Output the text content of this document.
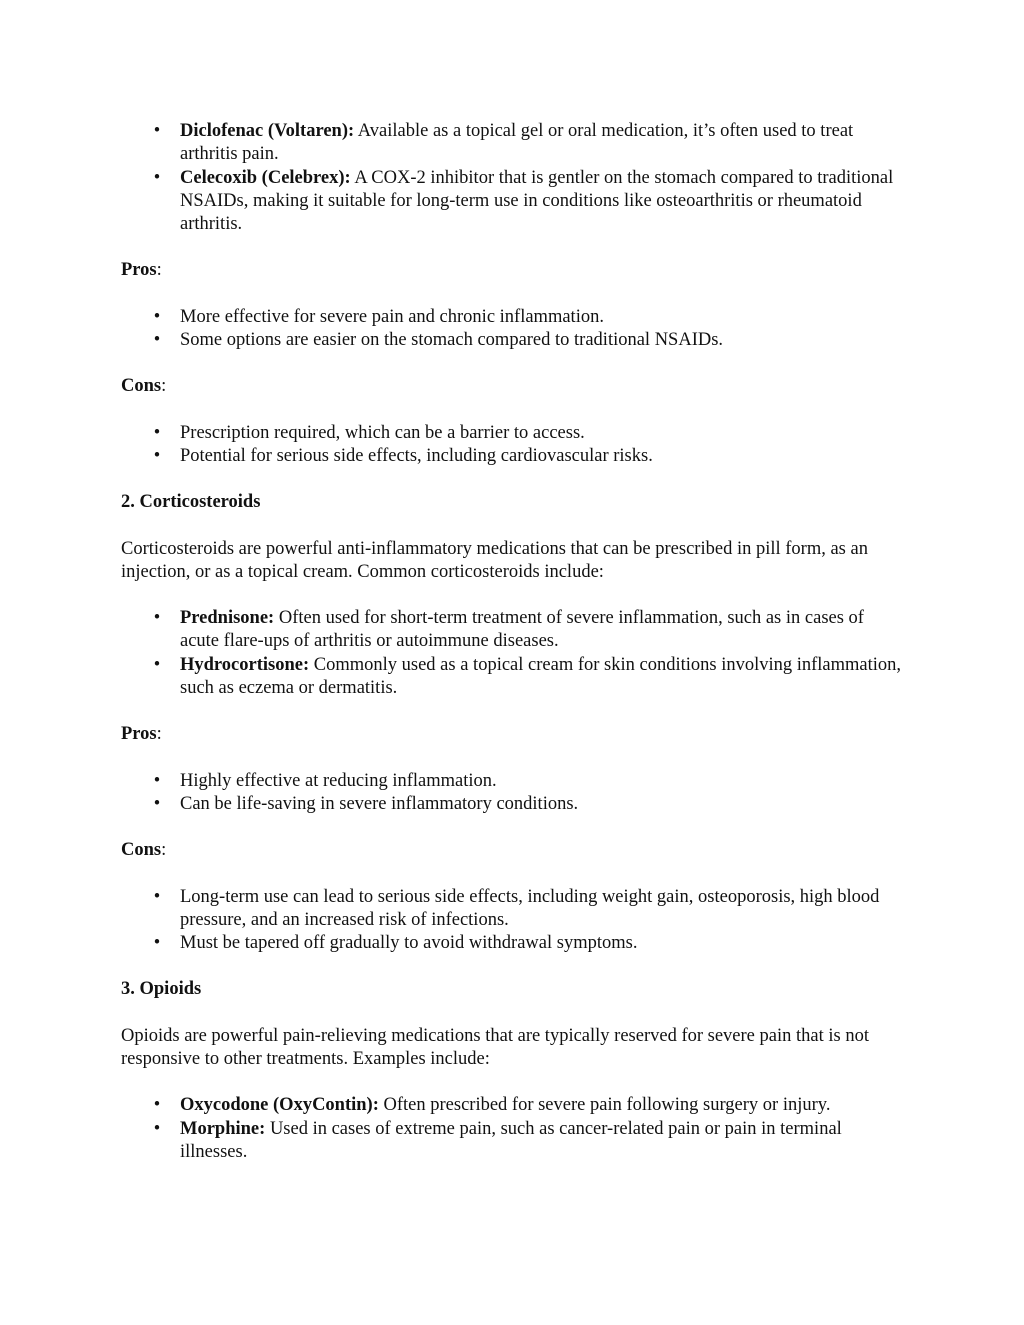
• Diclofenac (Voltaren): Available as a topical gel or oral medication, it’s often used to treat arthritis pain.
• Celecoxib (Celebrex): A COX-2 inhibitor that is gentler on the stomach compared to traditional NSAIDs, making it suitable for long-term use in conditions like osteoarthritis or rheumatoid arthritis.

Pros:

• More effective for severe pain and chronic inflammation.
• Some options are easier on the stomach compared to traditional NSAIDs.

Cons:

• Prescription required, which can be a barrier to access.
• Potential for serious side effects, including cardiovascular risks.

2. Corticosteroids

Corticosteroids are powerful anti-inflammatory medications that can be prescribed in pill form, as an injection, or as a topical cream. Common corticosteroids include:

• Prednisone: Often used for short-term treatment of severe inflammation, such as in cases of acute flare-ups of arthritis or autoimmune diseases.
• Hydrocortisone: Commonly used as a topical cream for skin conditions involving inflammation, such as eczema or dermatitis.

Pros:

• Highly effective at reducing inflammation.
• Can be life-saving in severe inflammatory conditions.

Cons:

• Long-term use can lead to serious side effects, including weight gain, osteoporosis, high blood pressure, and an increased risk of infections.
• Must be tapered off gradually to avoid withdrawal symptoms.

3. Opioids

Opioids are powerful pain-relieving medications that are typically reserved for severe pain that is not responsive to other treatments. Examples include:

• Oxycodone (OxyContin): Often prescribed for severe pain following surgery or injury.
• Morphine: Used in cases of extreme pain, such as cancer-related pain or pain in terminal illnesses.
